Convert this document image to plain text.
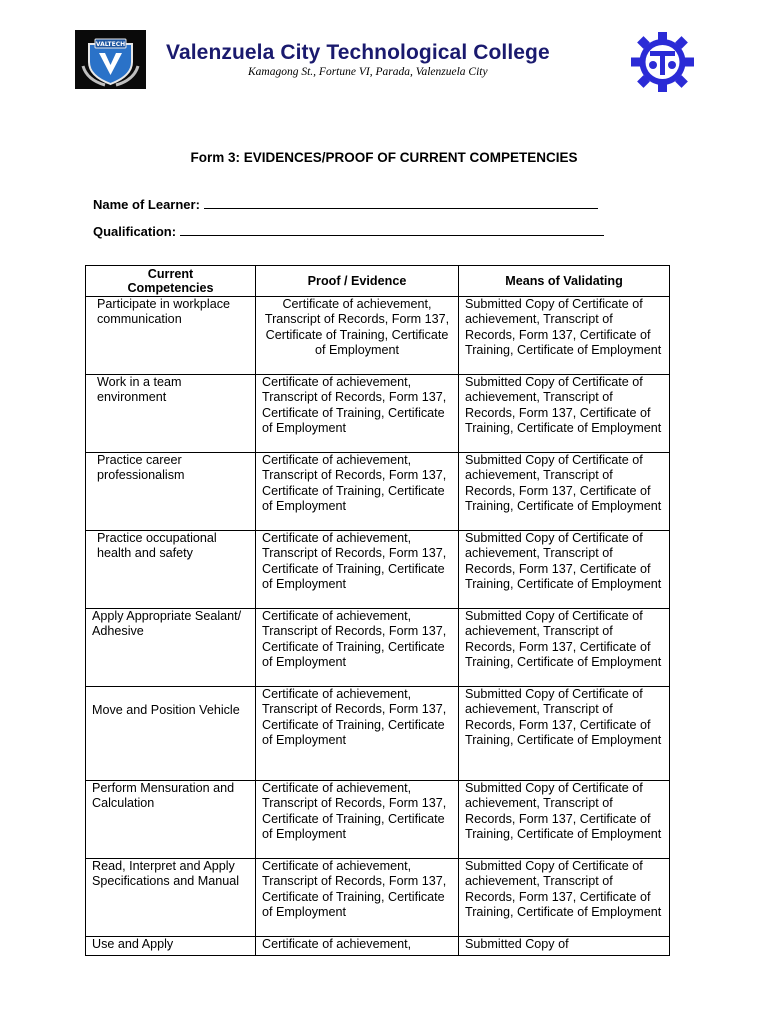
VALTECH Valenzuela City Technological College
Kamagong St., Fortune VI, Parada, Valenzuela City
Form 3: EVIDENCES/PROOF OF CURRENT COMPETENCIES
Name of Learner:
Qualification:
Current Competencies	Proof / Evidence	Means of Validating
Participate in workplace communication	Certificate of achievement, Transcript of Records, Form 137, Certificate of Training, Certificate of Employment	Submitted Copy of Certificate of achievement, Transcript of Records, Form 137, Certificate of Training, Certificate of Employment
Work in a team environment	Certificate of achievement, Transcript of Records, Form 137, Certificate of Training, Certificate of Employment	Submitted Copy of Certificate of achievement, Transcript of Records, Form 137, Certificate of Training, Certificate of Employment
Practice career professionalism	Certificate of achievement, Transcript of Records, Form 137, Certificate of Training, Certificate of Employment	Submitted Copy of Certificate of achievement, Transcript of Records, Form 137, Certificate of Training, Certificate of Employment
Practice occupational health and safety	Certificate of achievement, Transcript of Records, Form 137, Certificate of Training, Certificate of Employment	Submitted Copy of Certificate of achievement, Transcript of Records, Form 137, Certificate of Training, Certificate of Employment
Apply Appropriate Sealant/ Adhesive	Certificate of achievement, Transcript of Records, Form 137, Certificate of Training, Certificate of Employment	Submitted Copy of Certificate of achievement, Transcript of Records, Form 137, Certificate of Training, Certificate of Employment
Move and Position Vehicle	Certificate of achievement, Transcript of Records, Form 137, Certificate of Training, Certificate of Employment	Submitted Copy of Certificate of achievement, Transcript of Records, Form 137, Certificate of Training, Certificate of Employment
Perform Mensuration and Calculation	Certificate of achievement, Transcript of Records, Form 137, Certificate of Training, Certificate of Employment	Submitted Copy of Certificate of achievement, Transcript of Records, Form 137, Certificate of Training, Certificate of Employment
Read, Interpret and Apply Specifications and Manual	Certificate of achievement, Transcript of Records, Form 137, Certificate of Training, Certificate of Employment	Submitted Copy of Certificate of achievement, Transcript of Records, Form 137, Certificate of Training, Certificate of Employment
Use and Apply	Certificate of achievement,	Submitted Copy of
